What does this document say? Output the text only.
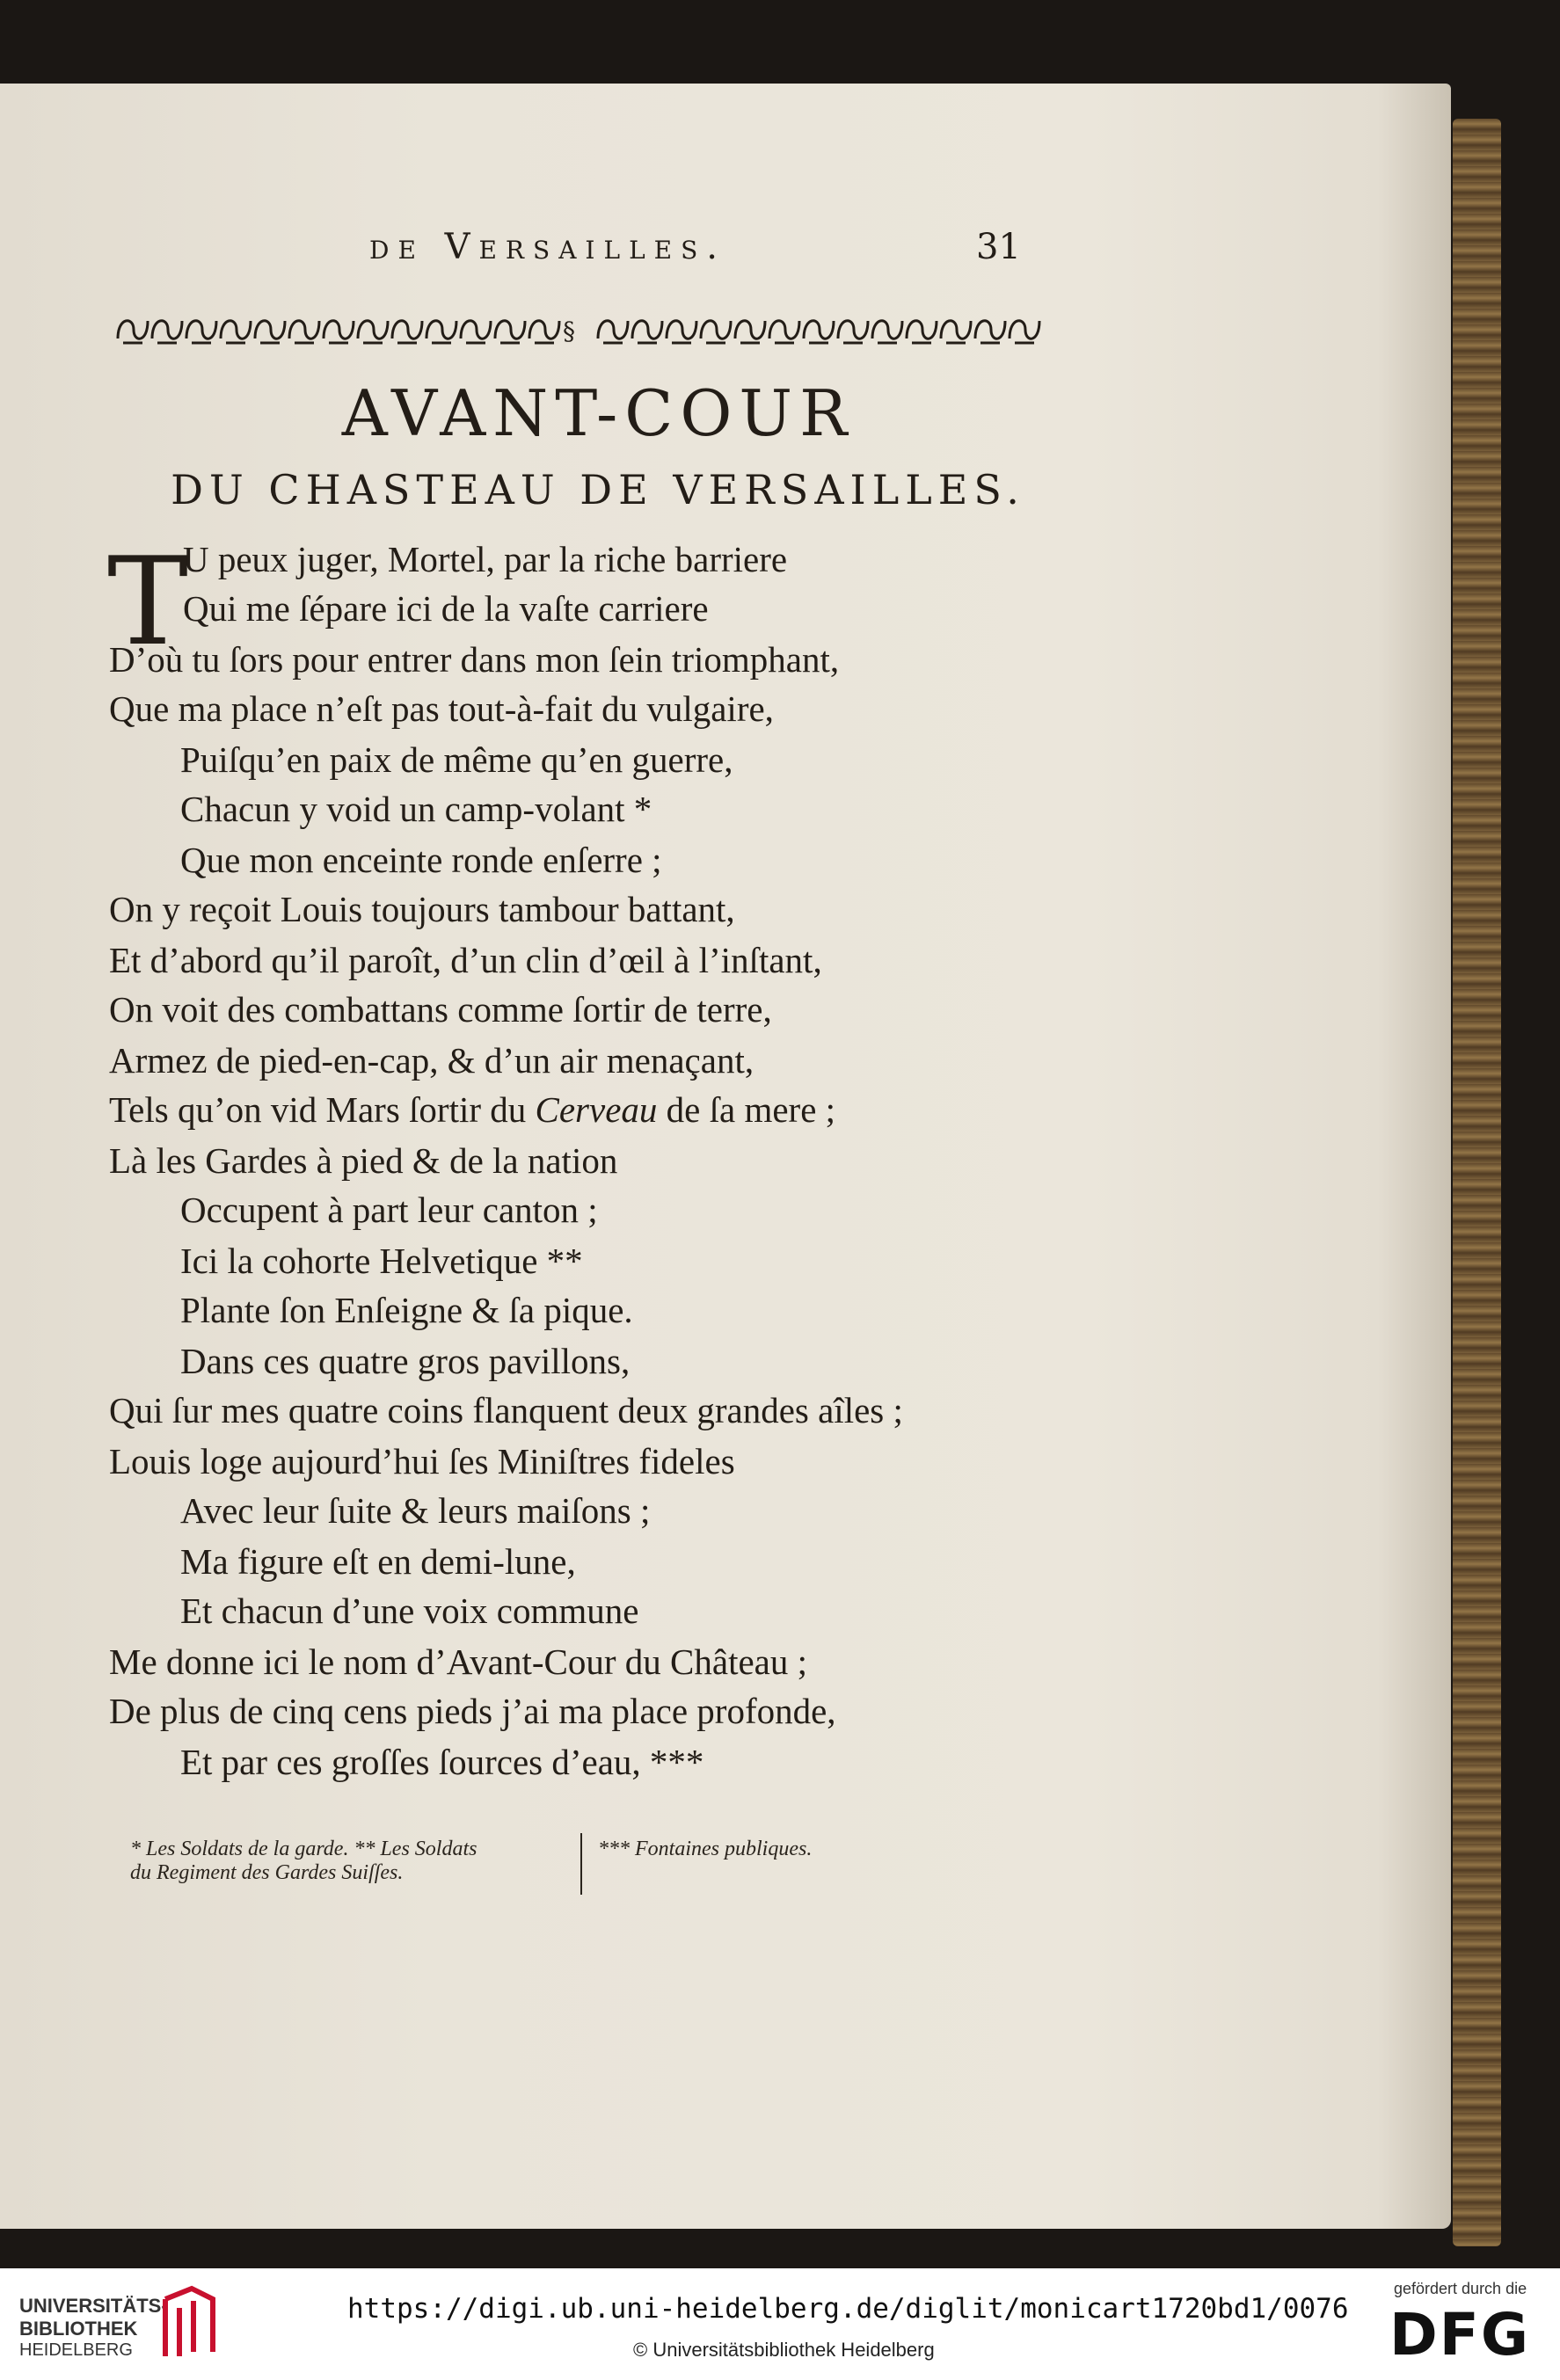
de Versailles.	31
§
AVANT-COUR
DU CHASTEAU DE VERSAILLES.
T
U peux juger, Mortel, par la riche barriere
Qui me ſépare ici de la vaſte carriere
D’où tu ſors pour entrer dans mon ſein triomphant,
Que ma place n’eſt pas tout-à-fait du vulgaire,
Puiſqu’en paix de même qu’en guerre,
Chacun y void un camp-volant *
Que mon enceinte ronde enſerre ;
On y reçoit Louis toujours tambour battant,
Et d’abord qu’il paroît, d’un clin d’œil à l’inſtant,
On voit des combattans comme ſortir de terre,
Armez de pied-en-cap, & d’un air menaçant,
Tels qu’on vid Mars ſortir du Cerveau de ſa mere ;
Là les Gardes à pied & de la nation
Occupent à part leur canton ;
Ici la cohorte Helvetique **
Plante ſon Enſeigne & ſa pique.
Dans ces quatre gros pavillons,
Qui ſur mes quatre coins flanquent deux grandes aîles ;
Louis loge aujourd’hui ſes Miniſtres fideles
Avec leur ſuite & leurs maiſons ;
Ma figure eſt en demi-lune,
Et chacun d’une voix commune
Me donne ici le nom d’Avant-Cour du Château ;
De plus de cinq cens pieds j’ai ma place profonde,
Et par ces groſſes ſources d’eau, ***
* Les Soldats de la garde. ** Les Soldats
du Regiment des Gardes Suiſſes.
*** Fontaines publiques.
UNIVERSITÄTS-
BIBLIOTHEK
HEIDELBERG
https://digi.ub.uni-heidelberg.de/diglit/monicart1720bd1/0076
© Universitätsbibliothek Heidelberg
gefördert durch die
DFG
